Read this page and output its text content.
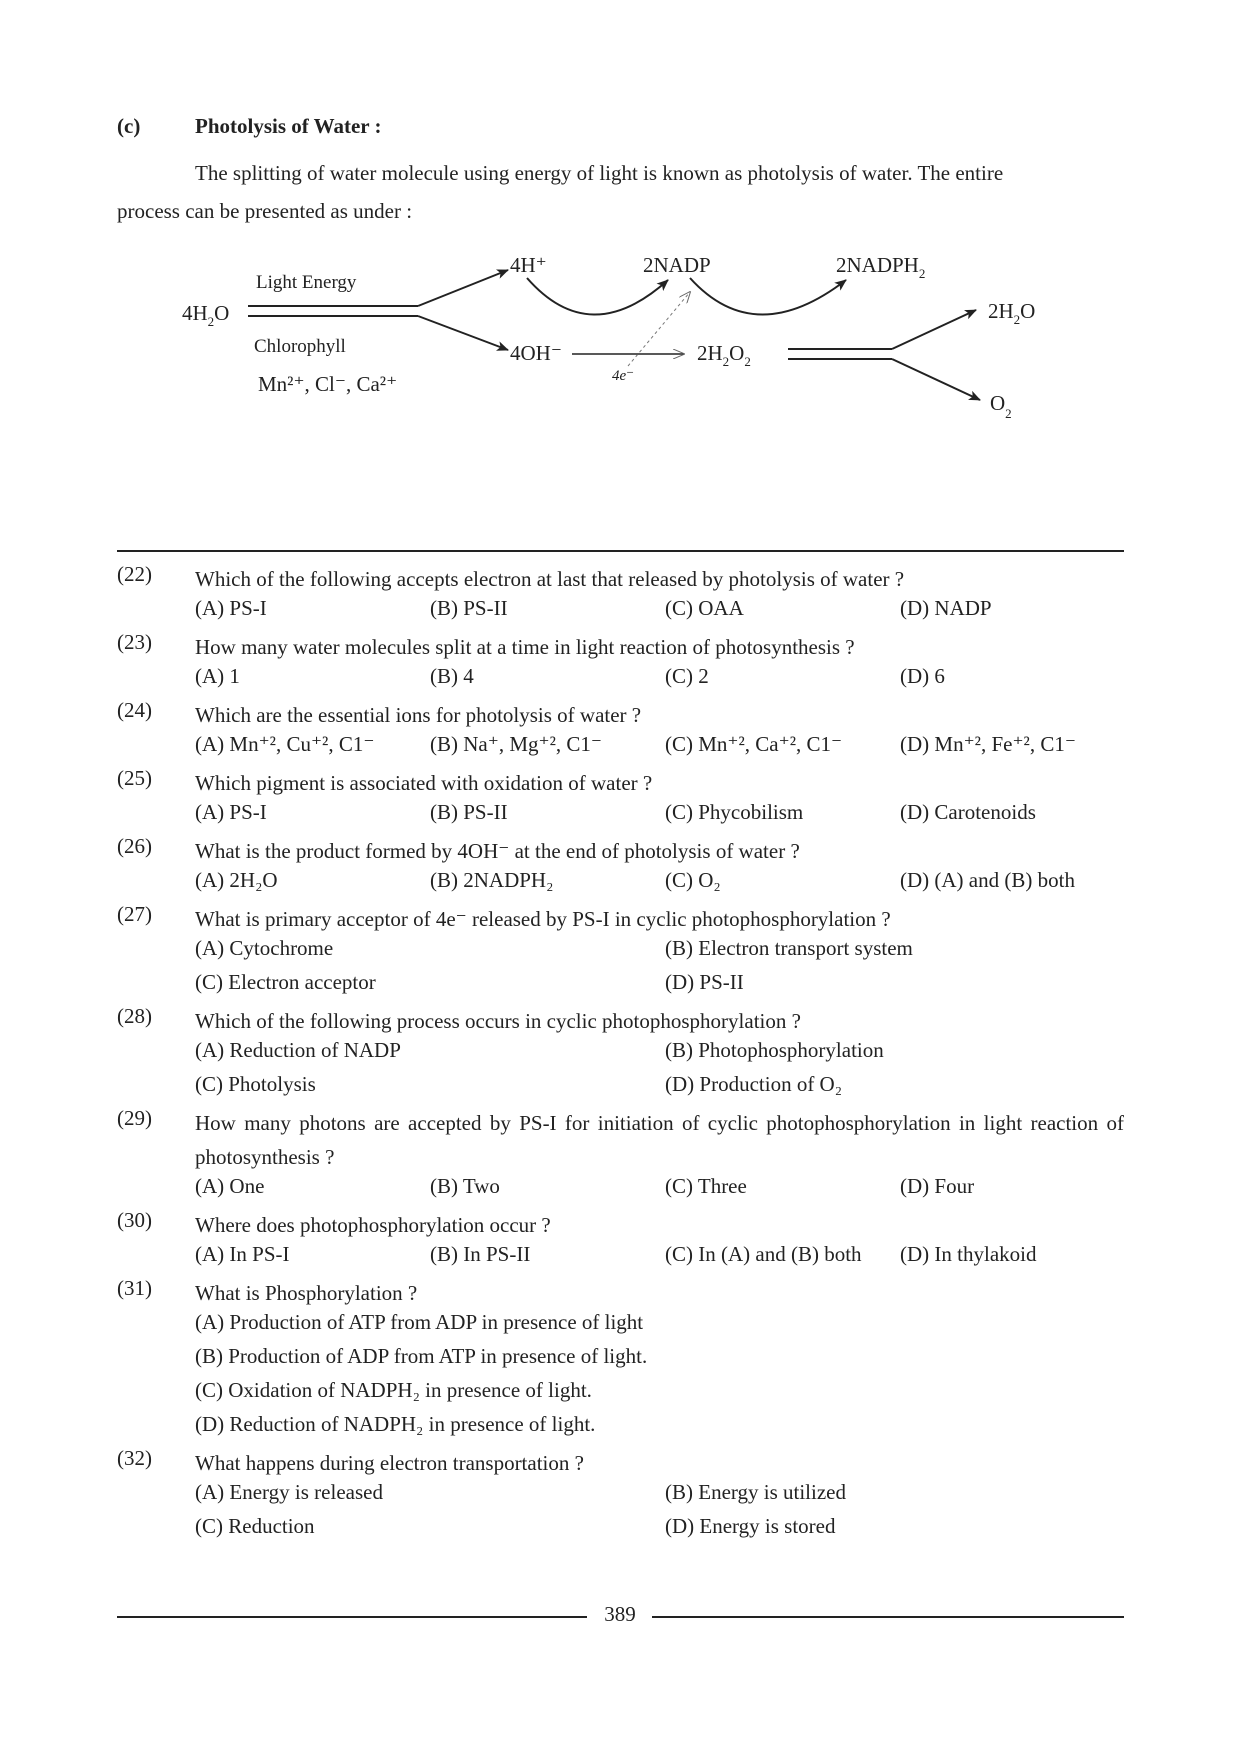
(c)	Photolysis of Water :
The splitting of water molecule using energy of light is known as photolysis of water. The entire
process can be presented as under :
$4H_2O$
Light Energy
Chlorophyll
Mn²⁺, Cl⁻, Ca²⁺
4H⁺	2NADP	$2NADPH_2$
4OH⁻
4e⁻
$2H_2O_2$
$2H_2O$
$O_2$
(22) Which of the following accepts electron at last that released by photolysis of water ?
(A) PS-I	(B) PS-II	(C) OAA	(D) NADP
(23) How many water molecules split at a time in light reaction of photosynthesis ?
(A) 1	(B) 4	(C) 2	(D) 6
(24) Which are the essential ions for photolysis of water ?
(A) Mn⁺², Cu⁺², C1⁻	(B) Na⁺, Mg⁺², C1⁻	(C) Mn⁺², Ca⁺², C1⁻	(D) Mn⁺², Fe⁺², C1⁻
(25) Which pigment is associated with oxidation of water ?
(A) PS-I	(B) PS-II	(C) Phycobilism	(D) Carotenoids
(26) What is the product formed by 4OH⁻ at the end of photolysis of water ?
(A) 2H₂O	(B) 2NADPH₂	(C) O₂	(D) (A) and (B) both
(27) What is primary acceptor of 4e⁻ released by PS-I in cyclic photophosphorylation ?
(A) Cytochrome	(B) Electron transport system
(C) Electron acceptor	(D) PS-II
(28) Which of the following process occurs in cyclic photophosphorylation ?
(A) Reduction of NADP	(B) Photophosphorylation
(C) Photolysis	(D) Production of O₂
(29) How many photons are accepted by PS-I for initiation of cyclic photophosphorylation in light reaction of photosynthesis ?
(A) One	(B) Two	(C) Three	(D) Four
(30) Where does photophosphorylation occur ?
(A) In PS-I	(B) In PS-II	(C) In (A) and (B) both (D) In thylakoid
(31) What is Phosphorylation ?
(A) Production of ATP from ADP in presence of light
(B) Production of ADP from ATP in presence of light.
(C) Oxidation of NADPH₂ in presence of light.
(D) Reduction of NADPH₂ in presence of light.
(32) What happens during electron transportation ?
(A) Energy is released	(B) Energy is utilized
(C) Reduction	(D) Energy is stored
389
